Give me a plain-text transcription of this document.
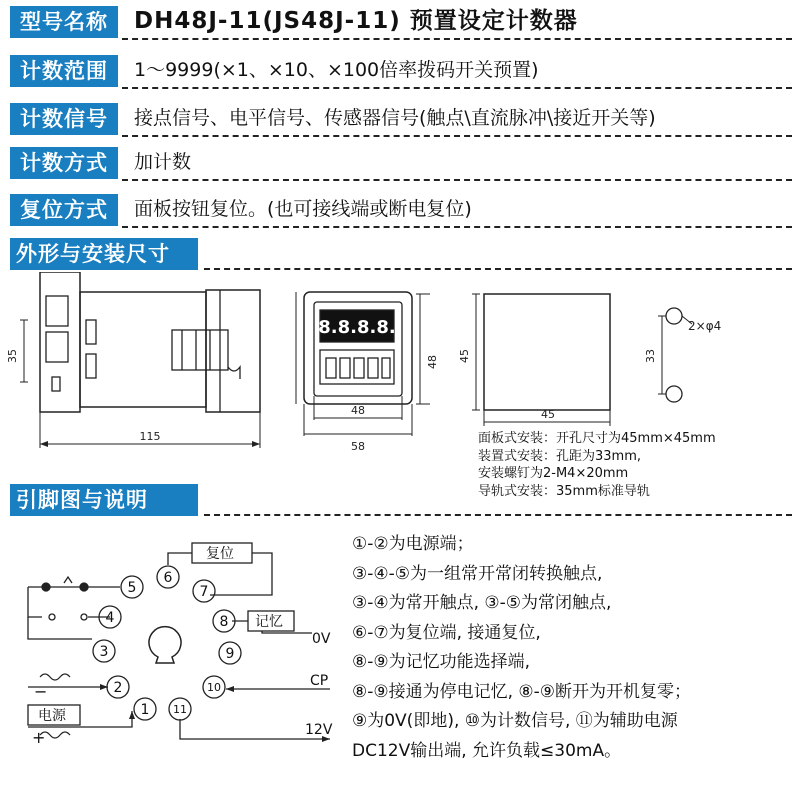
型号名称	DH48J-11(JS48J-11) 预置设定计数器
计数范围	1～9999(×1、×10、×100倍率拨码开关预置)
计数信号	接点信号、电平信号、传感器信号(触点\直流脉冲\接近开关等)
计数方式	加计数
复位方式	面板按钮复位。(也可接线端或断电复位)
外形与安装尺寸
35
115
8.8.8.8.
48
58
48 45
45
2×φ4
33
面板式安装：开孔尺寸为45mm×45mm
装置式安装：孔距为33mm,
安装螺钉为2-M4×20mm
导轨式安装：35mm标准导轨
引脚图与说明
5
6
7
4	8
3	9
2	10
1 11
复位
记忆
0V
CP
12V
电源
−
+
①-②为电源端；
③-④-⑤为一组常开常闭转换触点,
③-④为常开触点, ③-⑤为常闭触点,
⑥-⑦为复位端, 接通复位,
⑧-⑨为记忆功能选择端,
⑧-⑨接通为停电记忆, ⑧-⑨断开为开机复零；
⑨为0V(即地), ⑩为计数信号, ⑪为辅助电源
DC12V输出端, 允许负载≤30mA。
